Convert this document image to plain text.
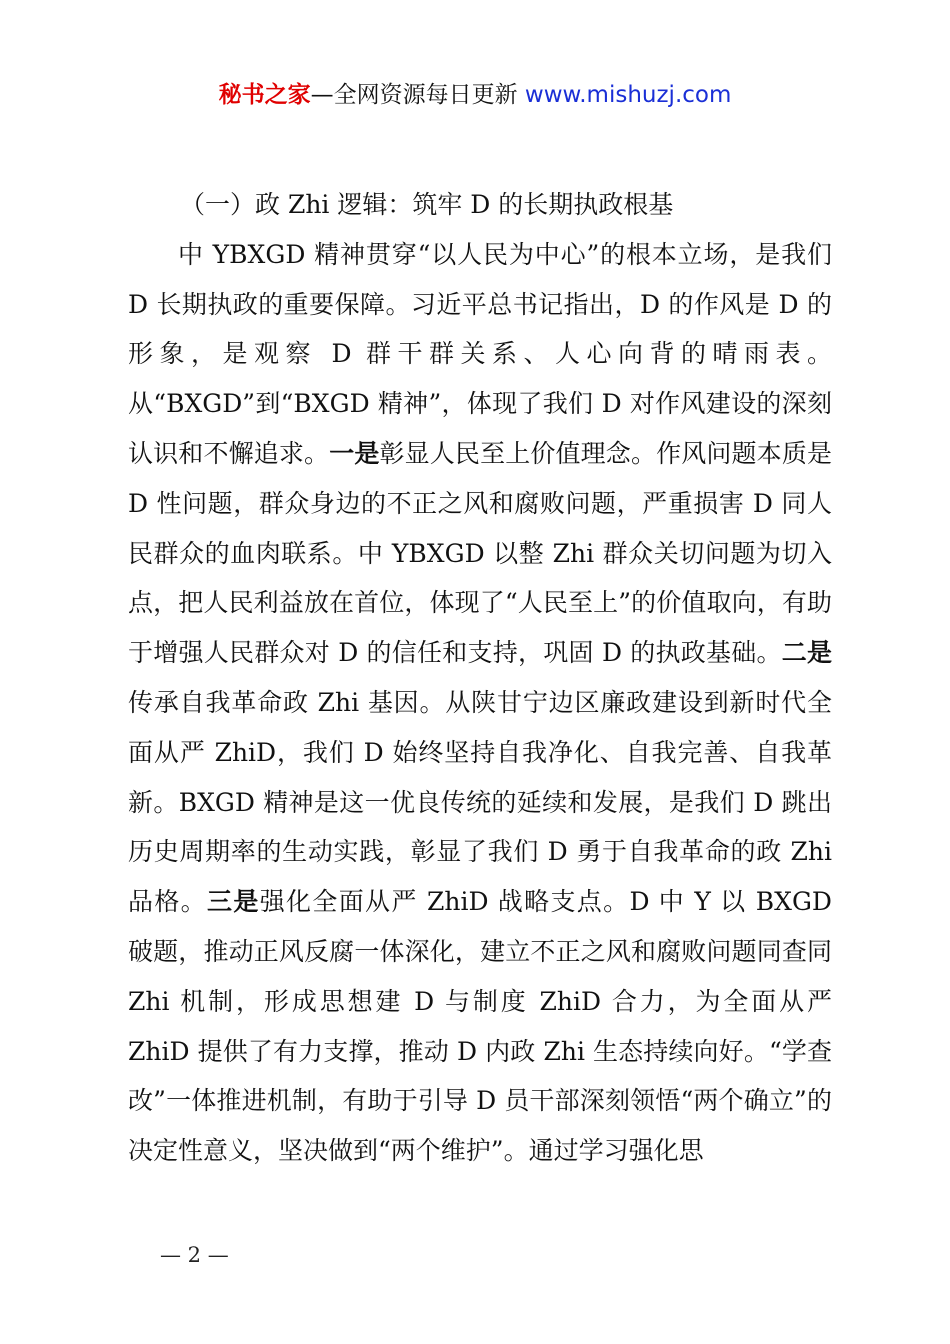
秘书之家—全网资源每日更新 www.mishuzj.com

（一）政 Zhi 逻辑：筑牢 D 的长期执政根基

中 YBXGD 精神贯穿“以人民为中心”的根本立场，是我们 D 长期执政的重要保障。习近平总书记指出，D 的作风是 D 的形象，是观察 D 群干群关系、人心向背的晴雨表。从“BXGD”到“BXGD 精神”，体现了我们 D 对作风建设的深刻认识和不懈追求。一是彰显人民至上价值理念。作风问题本质是 D 性问题，群众身边的不正之风和腐败问题，严重损害 D 同人民群众的血肉联系。中 YBXGD 以整 Zhi 群众关切问题为切入点，把人民利益放在首位，体现了“人民至上”的价值取向，有助于增强人民群众对 D 的信任和支持，巩固 D 的执政基础。二是传承自我革命政 Zhi 基因。从陕甘宁边区廉政建设到新时代全面从严 ZhiD，我们 D 始终坚持自我净化、自我完善、自我革新。BXGD 精神是这一优良传统的延续和发展，是我们 D 跳出历史周期率的生动实践，彰显了我们 D 勇于自我革命的政 Zhi 品格。三是强化全面从严 ZhiD 战略支点。D 中 Y 以 BXGD 破题，推动正风反腐一体深化，建立不正之风和腐败问题同查同 Zhi 机制，形成思想建 D 与制度 ZhiD 合力，为全面从严 ZhiD 提供了有力支撑，推动 D 内政 Zhi 生态持续向好。“学查改”一体推进机制，有助于引导 D 员干部深刻领悟“两个确立”的决定性意义，坚决做到“两个维护”。通过学习强化思

— 2 —
